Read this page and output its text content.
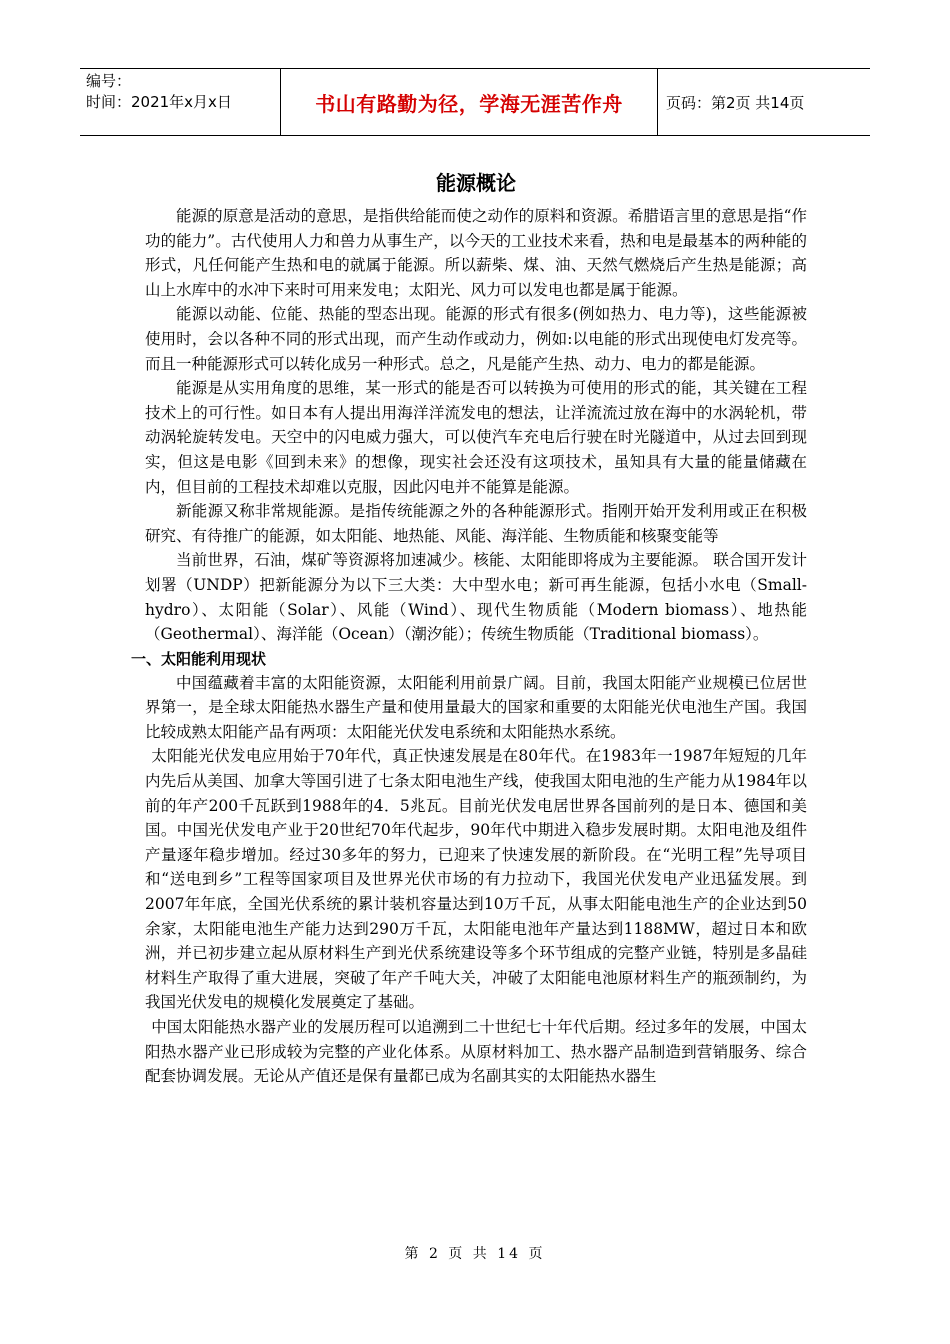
编号：
时间：2021年x月x日	书山有路勤为径，学海无涯苦作舟	页码：第2页 共14页
能源概论

能源的原意是活动的意思，是指供给能而使之动作的原料和资源。希腊语言里的意思是指“作功的能力”。古代使用人力和兽力从事生产，以今天的工业技术来看，热和电是最基本的两种能的形式，凡任何能产生热和电的就属于能源。所以薪柴、煤、油、天然气燃烧后产生热是能源；高山上水库中的水冲下来时可用来发电；太阳光、风力可以发电也都是属于能源。

能源以动能、位能、热能的型态出现。能源的形式有很多(例如热力、电力等)，这些能源被使用时，会以各种不同的形式出现，而产生动作或动力，例如:以电能的形式出现使电灯发亮等。而且一种能源形式可以转化成另一种形式。总之，凡是能产生热、动力、电力的都是能源。

能源是从实用角度的思维，某一形式的能是否可以转换为可使用的形式的能，其关键在工程技术上的可行性。如日本有人提出用海洋洋流发电的想法，让洋流流过放在海中的水涡轮机，带动涡轮旋转发电。天空中的闪电威力强大，可以使汽车充电后行驶在时光隧道中，从过去回到现实，但这是电影《回到未来》的想像，现实社会还没有这项技术，虽知具有大量的能量储藏在内，但目前的工程技术却难以克服，因此闪电并不能算是能源。

新能源又称非常规能源。是指传统能源之外的各种能源形式。指刚开始开发利用或正在积极研究、有待推广的能源，如太阳能、地热能、风能、海洋能、生物质能和核聚变能等

当前世界，石油，煤矿等资源将加速减少。核能、太阳能即将成为主要能源。 联合国开发计划署（UNDP）把新能源分为以下三大类：大中型水电；新可再生能源，包括小水电（Small-hydro）、太阳能（Solar）、风能（Wind）、现代生物质能（Modern biomass）、地热能（Geothermal）、海洋能（Ocean）（潮汐能）；传统生物质能（Traditional biomass）。

一、太阳能利用现状

中国蕴藏着丰富的太阳能资源，太阳能利用前景广阔。目前，我国太阳能产业规模已位居世界第一，是全球太阳能热水器生产量和使用量最大的国家和重要的太阳能光伏电池生产国。我国比较成熟太阳能产品有两项：太阳能光伏发电系统和太阳能热水系统。

太阳能光伏发电应用始于70年代，真正快速发展是在80年代。在1983年一1987年短短的几年内先后从美国、加拿大等国引进了七条太阳电池生产线，使我国太阳电池的生产能力从1984年以前的年产200千瓦跃到1988年的4．5兆瓦。目前光伏发电居世界各国前列的是日本、德国和美国。中国光伏发电产业于20世纪70年代起步，90年代中期进入稳步发展时期。太阳电池及组件产量逐年稳步增加。经过30多年的努力，已迎来了快速发展的新阶段。在“光明工程”先导项目和“送电到乡”工程等国家项目及世界光伏市场的有力拉动下，我国光伏发电产业迅猛发展。到2007年年底，全国光伏系统的累计装机容量达到10万千瓦，从事太阳能电池生产的企业达到50余家，太阳能电池生产能力达到290万千瓦，太阳能电池年产量达到1188MW，超过日本和欧洲，并已初步建立起从原材料生产到光伏系统建设等多个环节组成的完整产业链，特别是多晶硅材料生产取得了重大进展，突破了年产千吨大关，冲破了太阳能电池原材料生产的瓶颈制约，为我国光伏发电的规模化发展奠定了基础。

中国太阳能热水器产业的发展历程可以追溯到二十世纪七十年代后期。经过多年的发展，中国太阳热水器产业已形成较为完整的产业化体系。从原材料加工、热水器产品制造到营销服务、综合配套协调发展。无论从产值还是保有量都已成为名副其实的太阳能热水器生

第 2 页 共 14 页
